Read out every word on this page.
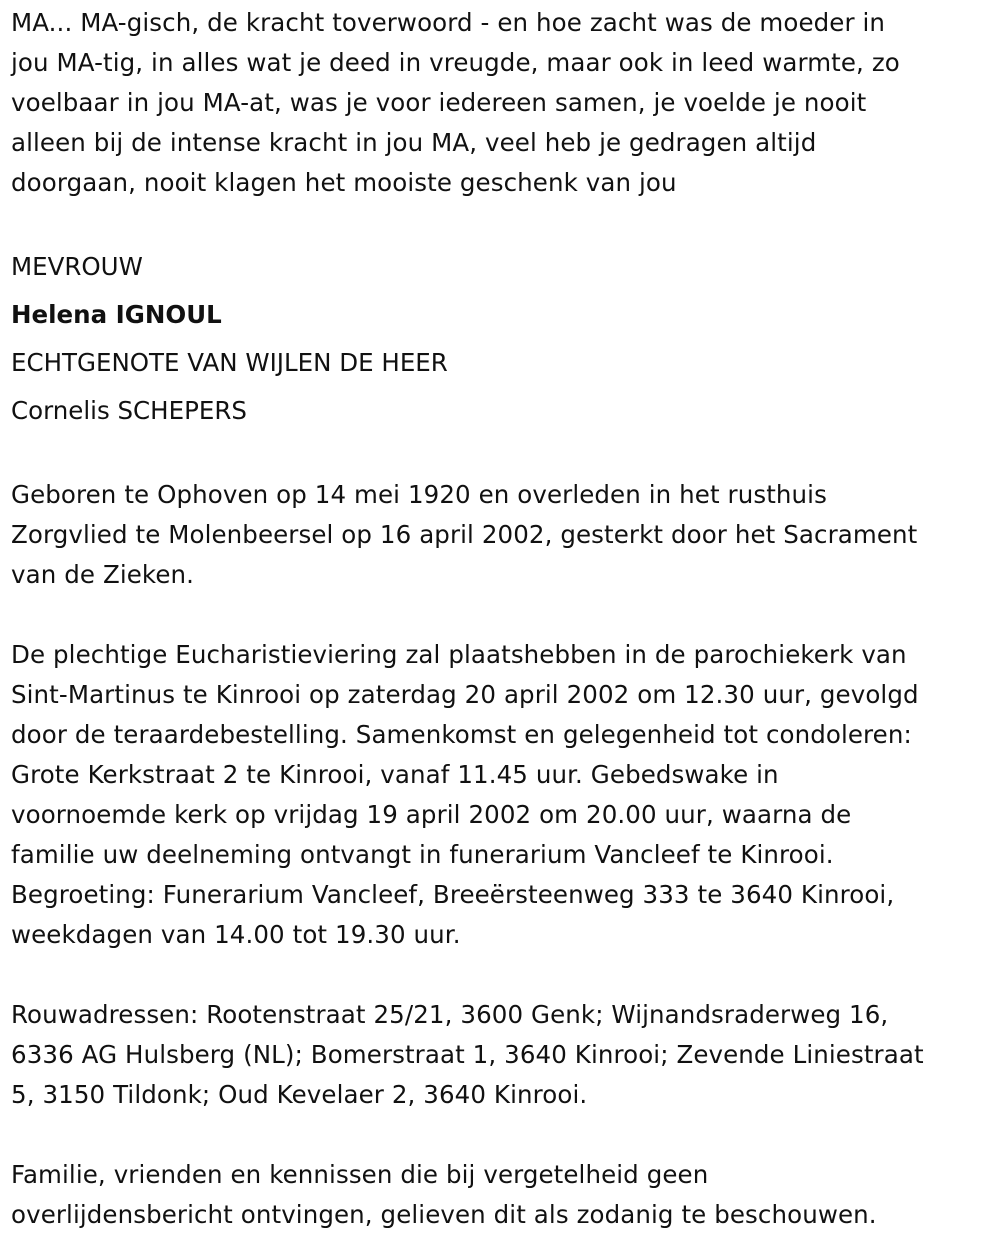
MA... MA-gisch, de kracht toverwoord - en hoe zacht was de moeder in
jou MA-tig, in alles wat je deed in vreugde, maar ook in leed warmte, zo
voelbaar in jou MA-at, was je voor iedereen samen, je voelde je nooit
alleen bij de intense kracht in jou MA, veel heb je gedragen altijd
doorgaan, nooit klagen het mooiste geschenk van jou

MEVROUW

Helena IGNOUL

ECHTGENOTE VAN WIJLEN DE HEER

Cornelis SCHEPERS

Geboren te Ophoven op 14 mei 1920 en overleden in het rusthuis
Zorgvlied te Molenbeersel op 16 april 2002, gesterkt door het Sacrament
van de Zieken.

De plechtige Eucharistieviering zal plaatshebben in de parochiekerk van
Sint-Martinus te Kinrooi op zaterdag 20 april 2002 om 12.30 uur, gevolgd
door de teraardebestelling. Samenkomst en gelegenheid tot condoleren:
Grote Kerkstraat 2 te Kinrooi, vanaf 11.45 uur. Gebedswake in
voornoemde kerk op vrijdag 19 april 2002 om 20.00 uur, waarna de
familie uw deelneming ontvangt in funerarium Vancleef te Kinrooi.
Begroeting: Funerarium Vancleef, Breeërsteenweg 333 te 3640 Kinrooi,
weekdagen van 14.00 tot 19.30 uur.

Rouwadressen: Rootenstraat 25/21, 3600 Genk; Wijnandsraderweg 16,
6336 AG Hulsberg (NL); Bomerstraat 1, 3640 Kinrooi; Zevende Liniestraat
5, 3150 Tildonk; Oud Kevelaer 2, 3640 Kinrooi.

Familie, vrienden en kennissen die bij vergetelheid geen
overlijdensbericht ontvingen, gelieven dit als zodanig te beschouwen.
